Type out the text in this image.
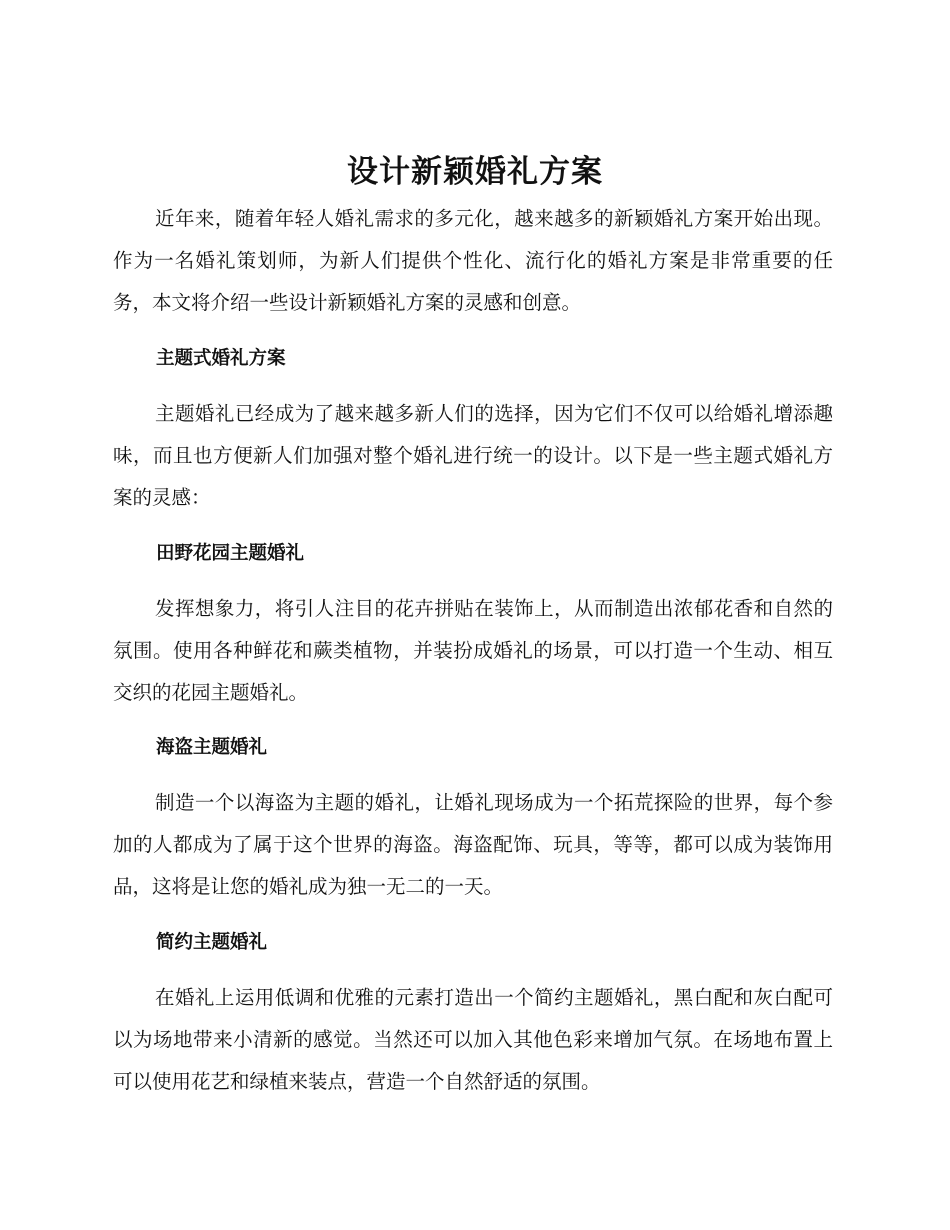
设计新颖婚礼方案

近年来，随着年轻人婚礼需求的多元化，越来越多的新颖婚礼方案开始出现。作为一名婚礼策划师，为新人们提供个性化、流行化的婚礼方案是非常重要的任务，本文将介绍一些设计新颖婚礼方案的灵感和创意。

主题式婚礼方案

主题婚礼已经成为了越来越多新人们的选择，因为它们不仅可以给婚礼增添趣味，而且也方便新人们加强对整个婚礼进行统一的设计。以下是一些主题式婚礼方案的灵感：

田野花园主题婚礼

发挥想象力，将引人注目的花卉拼贴在装饰上，从而制造出浓郁花香和自然的氛围。使用各种鲜花和蕨类植物，并装扮成婚礼的场景，可以打造一个生动、相互交织的花园主题婚礼。

海盗主题婚礼

制造一个以海盗为主题的婚礼，让婚礼现场成为一个拓荒探险的世界，每个参加的人都成为了属于这个世界的海盗。海盗配饰、玩具，等等，都可以成为装饰用品，这将是让您的婚礼成为独一无二的一天。

简约主题婚礼

在婚礼上运用低调和优雅的元素打造出一个简约主题婚礼，黑白配和灰白配可以为场地带来小清新的感觉。当然还可以加入其他色彩来增加气氛。在场地布置上可以使用花艺和绿植来装点，营造一个自然舒适的氛围。
